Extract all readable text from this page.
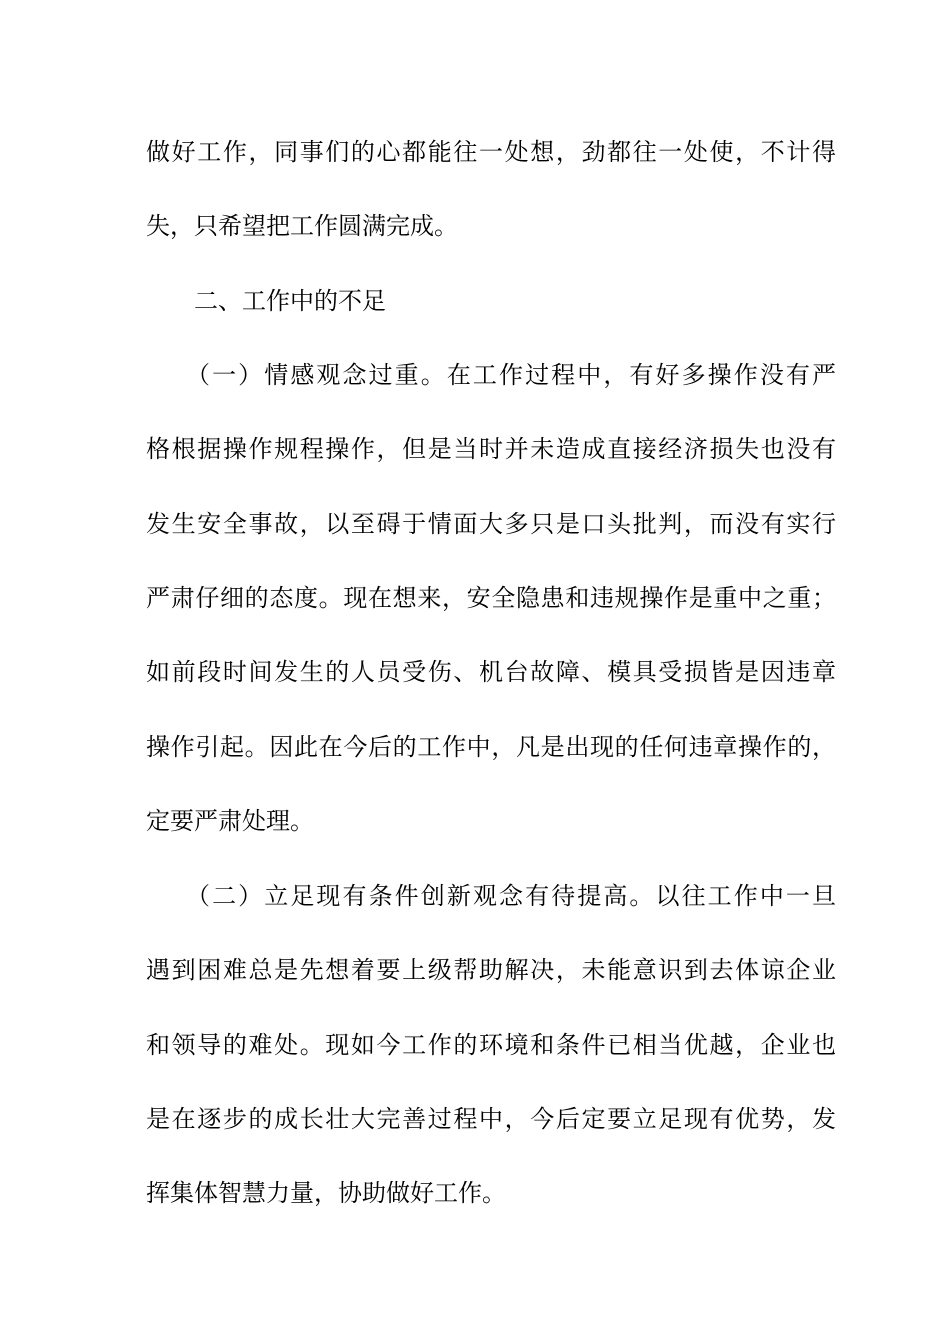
做好工作，同事们的心都能往一处想，劲都往一处使，不计得
失，只希望把工作圆满完成。
二、工作中的不足
（一）情感观念过重。在工作过程中，有好多操作没有严
格根据操作规程操作，但是当时并未造成直接经济损失也没有
发生安全事故，以至碍于情面大多只是口头批判，而没有实行
严肃仔细的态度。现在想来，安全隐患和违规操作是重中之重；
如前段时间发生的人员受伤、机台故障、模具受损皆是因违章
操作引起。因此在今后的工作中，凡是出现的任何违章操作的，
定要严肃处理。
（二）立足现有条件创新观念有待提高。以往工作中一旦
遇到困难总是先想着要上级帮助解决，未能意识到去体谅企业
和领导的难处。现如今工作的环境和条件已相当优越，企业也
是在逐步的成长壮大完善过程中，今后定要立足现有优势，发
挥集体智慧力量，协助做好工作。
